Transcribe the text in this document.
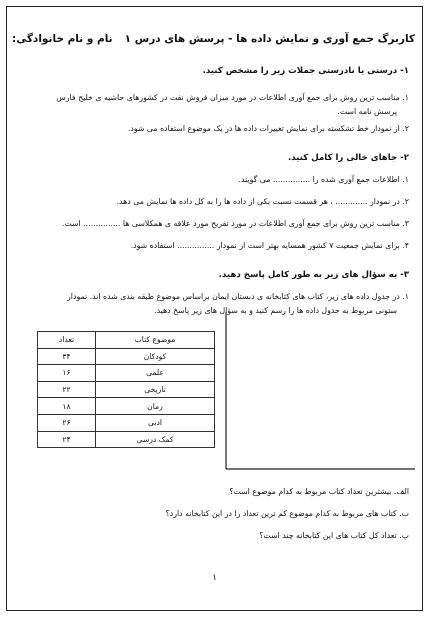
نام و نام خانوادگی: کاربرگ جمع آوری و نمایش داده ها - پرسش های درس ۱
۱- درستی یا نادرستی جملات زیر را مشخص کنید.
۱. مناسب ترین روش برای جمع آوری اطلاعات در مورد میزان فروش نفت در کشورهای حاشیه ی خلیج فارس
پرسش نامه است.
۲. از نمودار خط تشکسته برای نمایش تغییرات داده ها در یک موضوع استفاده می شود.
۲- جاهای خالی را کامل کنید.
۱. اطلاعات جمع آوری شده را ............... می گویند.
۲. در نمودار ............. ، هر قسمت نسبت یکی از داده ها را به کل داده ها نمایش می دهد.
۳. مناسب ترین روش برای جمع آوری اطلاعات در مورد تفریح مورد علاقه ی همکلاسی ها ............... است.
۴. برای نمایش جمعیت ۷ کشور همسایه بهتر است از نمودار ............... استفاده شود.
۳- به سؤال های زیر به طور کامل پاسخ دهید.
۱. در جدول داده های زیر، کتاب های کتابخانه ی دبستان ایمان براساس موضوع طبقه بندی شده اند. نمودار
ستونی مربوط به جدول داده ها را رسم کنید و به سؤال های زیر پاسخ دهید.
موضوع کتاب	تعداد
کودکان	۳۴
علمی	۱۶
تاریخی	۲۲
رمان	۱۸
ادبی	۲۶
کمک درسی	۲۴
الف. بیشترین تعداد کتاب مربوط به کدام موضوع است؟
ب. کتاب های مربوط به کدام موضوع کم ترین تعداد را در این کتابخانه دارد؟
پ. تعداد کل کتاب های این کتابخانه چند است؟
۱
